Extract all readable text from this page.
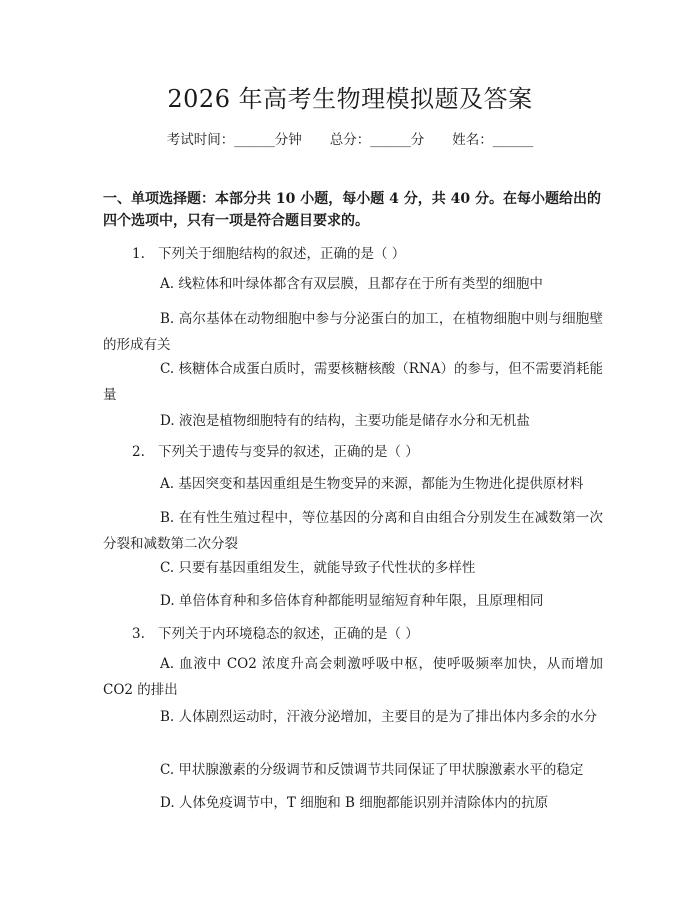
2026 年高考生物理模拟题及答案
考试时间：______分钟 总分：______分 姓名：______
一、单项选择题：本部分共 10 小题，每小题 4 分，共 40 分。在每小题给出的四个选项中，只有一项是符合题目要求的。
1. 下列关于细胞结构的叙述，正确的是（ ）
A. 线粒体和叶绿体都含有双层膜，且都存在于所有类型的细胞中
B. 高尔基体在动物细胞中参与分泌蛋白的加工，在植物细胞中则与细胞壁的形成有关
C. 核糖体合成蛋白质时，需要核糖核酸（RNA）的参与，但不需要消耗能量
D. 液泡是植物细胞特有的结构，主要功能是储存水分和无机盐
2. 下列关于遗传与变异的叙述，正确的是（ ）
A. 基因突变和基因重组是生物变异的来源，都能为生物进化提供原材料
B. 在有性生殖过程中，等位基因的分离和自由组合分别发生在减数第一次分裂和减数第二次分裂
C. 只要有基因重组发生，就能导致子代性状的多样性
D. 单倍体育种和多倍体育种都能明显缩短育种年限，且原理相同
3. 下列关于内环境稳态的叙述，正确的是（ ）
A. 血液中 CO2 浓度升高会刺激呼吸中枢，使呼吸频率加快，从而增加 CO2 的排出
B. 人体剧烈运动时，汗液分泌增加，主要目的是为了排出体内多余的水分
C. 甲状腺激素的分级调节和反馈调节共同保证了甲状腺激素水平的稳定
D. 人体免疫调节中，T 细胞和 B 细胞都能识别并清除体内的抗原
